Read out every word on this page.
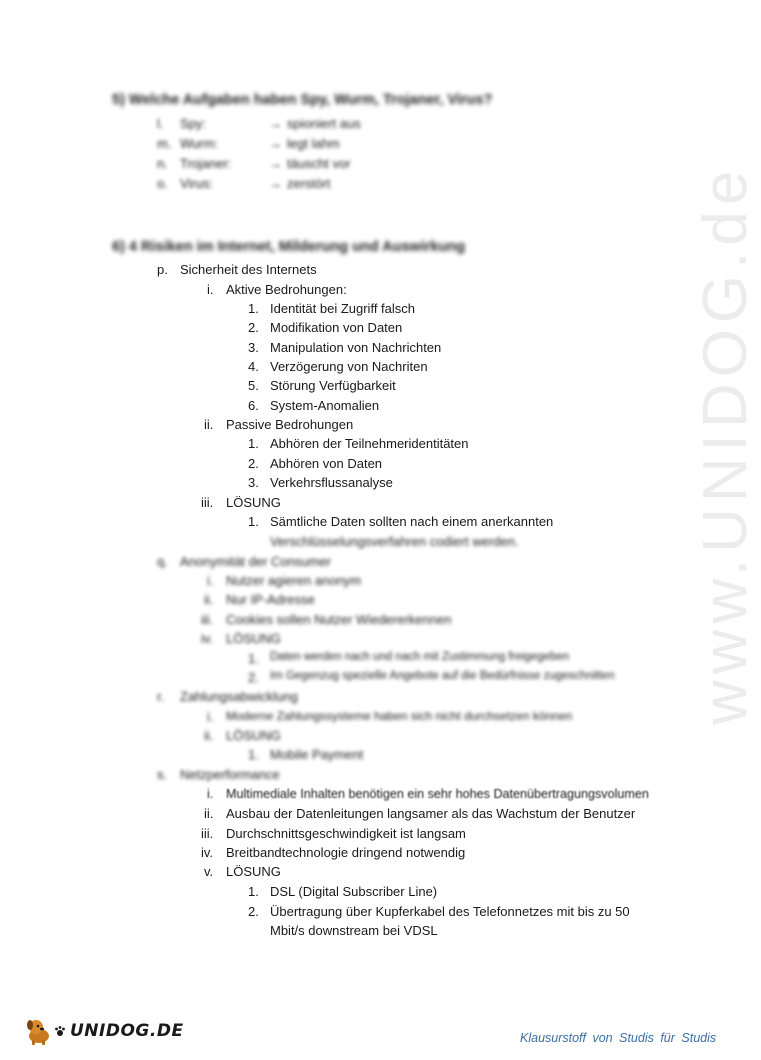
www.UNIDOG.de
5) Welche Aufgaben haben Spy, Wurm, Trojaner, Virus?
l. Spy:	→ spioniert aus
m. Wurm:	→ legt lahm
n. Trojaner:	→ täuscht vor
o. Virus:	→ zerstört
6) 4 Risiken im Internet, Milderung und Auswirkung
p. Sicherheit des Internets
i. Aktive Bedrohungen:
1. Identität bei Zugriff falsch
2. Modifikation von Daten
3. Manipulation von Nachrichten
4. Verzögerung von Nachriten
5. Störung Verfügbarkeit
6. System-Anomalien
ii. Passive Bedrohungen
1. Abhören der Teilnehmeridentitäten
2. Abhören von Daten
3. Verkehrsflussanalyse
iii. LÖSUNG
1. Sämtliche Daten sollten nach einem anerkannten
Verschlüsselungsverfahren codiert werden.
q. Anonymität der Consumer
i. Nutzer agieren anonym
ii. Nur IP-Adresse
iii. Cookies sollen Nutzer Wiedererkennen
iv. LÖSUNG
1. Daten werden nach und nach mit Zustimmung freigegeben
2. Im Gegenzug spezielle Angebote auf die Bedürfnisse zugeschnitten
r. Zahlungsabwicklung
i. Moderne Zahlungssysteme haben sich nicht durchsetzen können
ii. LÖSUNG
1. Mobile Payment
s. Netzperformance
i. Multimediale Inhalten benötigen ein sehr hohes Datenübertragungsvolumen
ii. Ausbau der Datenleitungen langsamer als das Wachstum der Benutzer
iii. Durchschnittsgeschwindigkeit ist langsam
iv. Breitbandtechnologie dringend notwendig
v. LÖSUNG
1. DSL (Digital Subscriber Line)
2. Übertragung über Kupferkabel des Telefonnetzes mit bis zu 50
Mbit/s downstream bei VDSL
UNIDOG.DE	Klausurstoff von Studis für Studis
